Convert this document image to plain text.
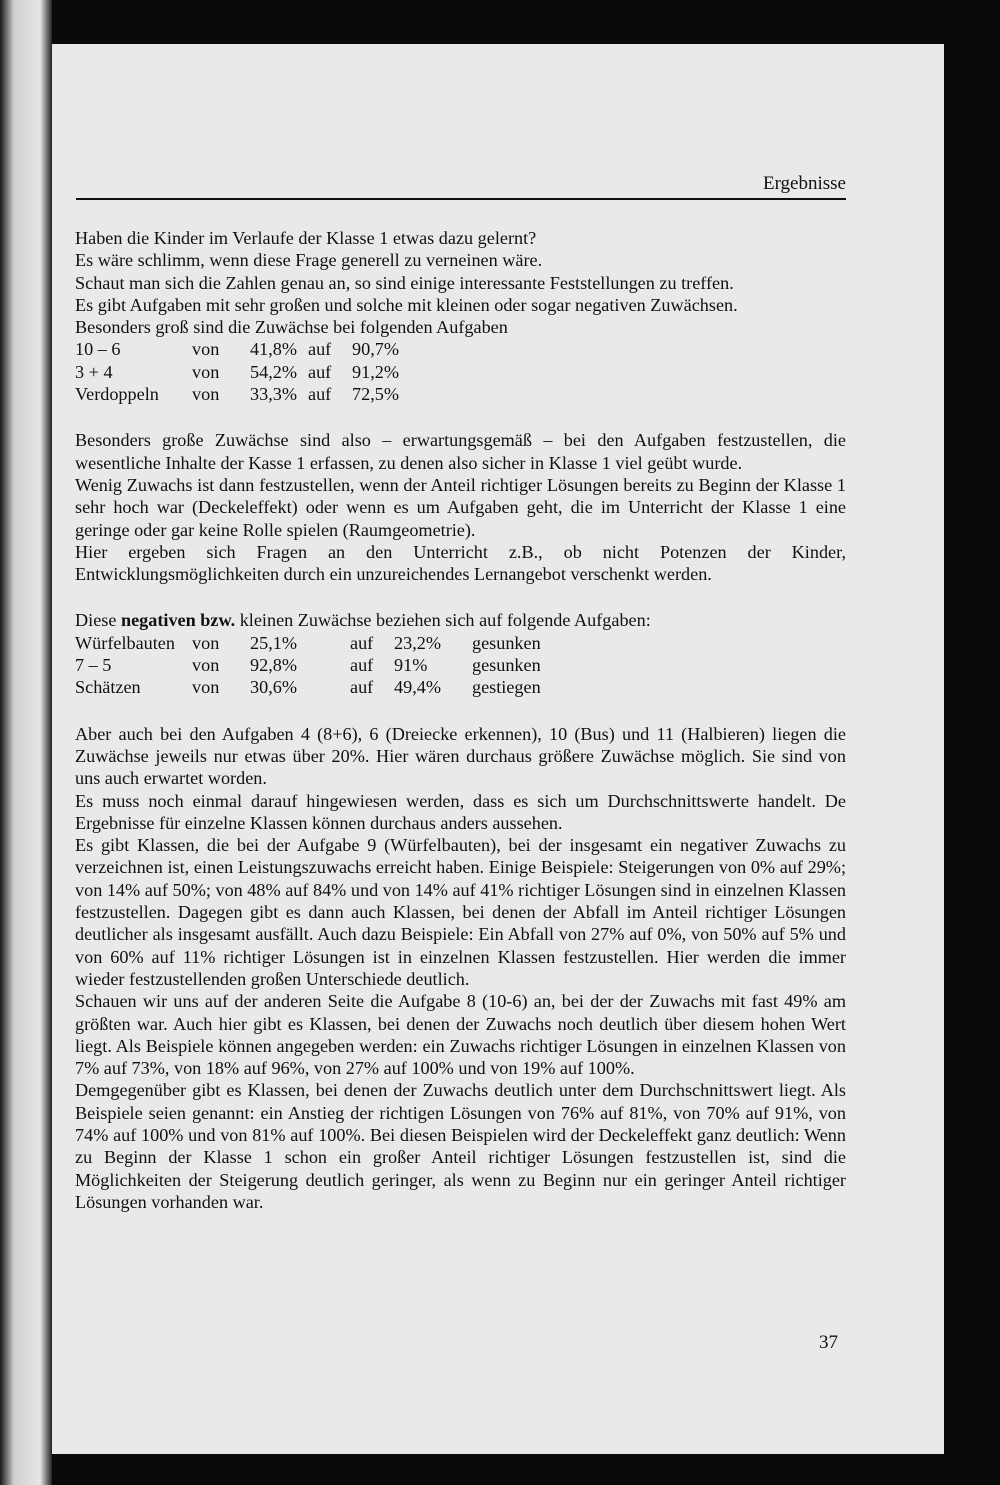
Ergebnisse

Haben die Kinder im Verlaufe der Klasse 1 etwas dazu gelernt?

Es wäre schlimm, wenn diese Frage generell zu verneinen wäre.

Schaut man sich die Zahlen genau an, so sind einige interessante Feststellungen zu treffen.

Es gibt Aufgaben mit sehr großen und solche mit kleinen oder sogar negativen Zuwächsen.

Besonders groß sind die Zuwächse bei folgenden Aufgaben

10 – 6	von	41,8%	auf	90,7%
3 + 4	von	54,2%	auf	91,2%
Verdoppeln	von	33,3%	auf	72,5%

Besonders große Zuwächse sind also – erwartungsgemäß – bei den Aufgaben festzustellen, die wesentliche Inhalte der Kasse 1 erfassen, zu denen also sicher in Klasse 1 viel geübt wurde.

Wenig Zuwachs ist dann festzustellen, wenn der Anteil richtiger Lösungen bereits zu Beginn der Klasse 1 sehr hoch war (Deckeleffekt) oder wenn es um Aufgaben geht, die im Unterricht der Klasse 1 eine geringe oder gar keine Rolle spielen (Raumgeometrie).

Hier ergeben sich Fragen an den Unterricht z.B., ob nicht Potenzen der Kinder, Entwicklungsmöglichkeiten durch ein unzureichendes Lernangebot verschenkt werden.

Diese negativen bzw. kleinen Zuwächse beziehen sich auf folgende Aufgaben:

Würfelbauten	von	25,1%	auf	23,2%	gesunken
7 – 5	von	92,8%	auf	91%	gesunken
Schätzen	von	30,6%	auf	49,4%	gestiegen

Aber auch bei den Aufgaben 4 (8+6), 6 (Dreiecke erkennen), 10 (Bus) und 11 (Halbieren) liegen die Zuwächse jeweils nur etwas über 20%. Hier wären durchaus größere Zuwächse möglich. Sie sind von uns auch erwartet worden.

Es muss noch einmal darauf hingewiesen werden, dass es sich um Durchschnittswerte handelt. De Ergebnisse für einzelne Klassen können durchaus anders aussehen.

Es gibt Klassen, die bei der Aufgabe 9 (Würfelbauten), bei der insgesamt ein negativer Zuwachs zu verzeichnen ist, einen Leistungszuwachs erreicht haben. Einige Beispiele: Steigerungen von 0% auf 29%; von 14% auf 50%; von 48% auf 84% und von 14% auf 41% richtiger Lösungen sind in einzelnen Klassen festzustellen. Dagegen gibt es dann auch Klassen, bei denen der Abfall im Anteil richtiger Lösungen deutlicher als insgesamt ausfällt. Auch dazu Beispiele: Ein Abfall von 27% auf 0%, von 50% auf 5% und von 60% auf 11% richtiger Lösungen ist in einzelnen Klassen festzustellen. Hier werden die immer wieder festzustellenden großen Unterschiede deutlich.

Schauen wir uns auf der anderen Seite die Aufgabe 8 (10-6) an, bei der der Zuwachs mit fast 49% am größten war. Auch hier gibt es Klassen, bei denen der Zuwachs noch deutlich über diesem hohen Wert liegt. Als Beispiele können angegeben werden: ein Zuwachs richtiger Lösungen in einzelnen Klassen von 7% auf 73%, von 18% auf 96%, von 27% auf 100% und von 19% auf 100%.

Demgegenüber gibt es Klassen, bei denen der Zuwachs deutlich unter dem Durchschnittswert liegt. Als Beispiele seien genannt: ein Anstieg der richtigen Lösungen von 76% auf 81%, von 70% auf 91%, von 74% auf 100% und von 81% auf 100%. Bei diesen Beispielen wird der Deckeleffekt ganz deutlich: Wenn zu Beginn der Klasse 1 schon ein großer Anteil richtiger Lösungen festzustellen ist, sind die Möglichkeiten der Steigerung deutlich geringer, als wenn zu Beginn nur ein geringer Anteil richtiger Lösungen vorhanden war.

37
